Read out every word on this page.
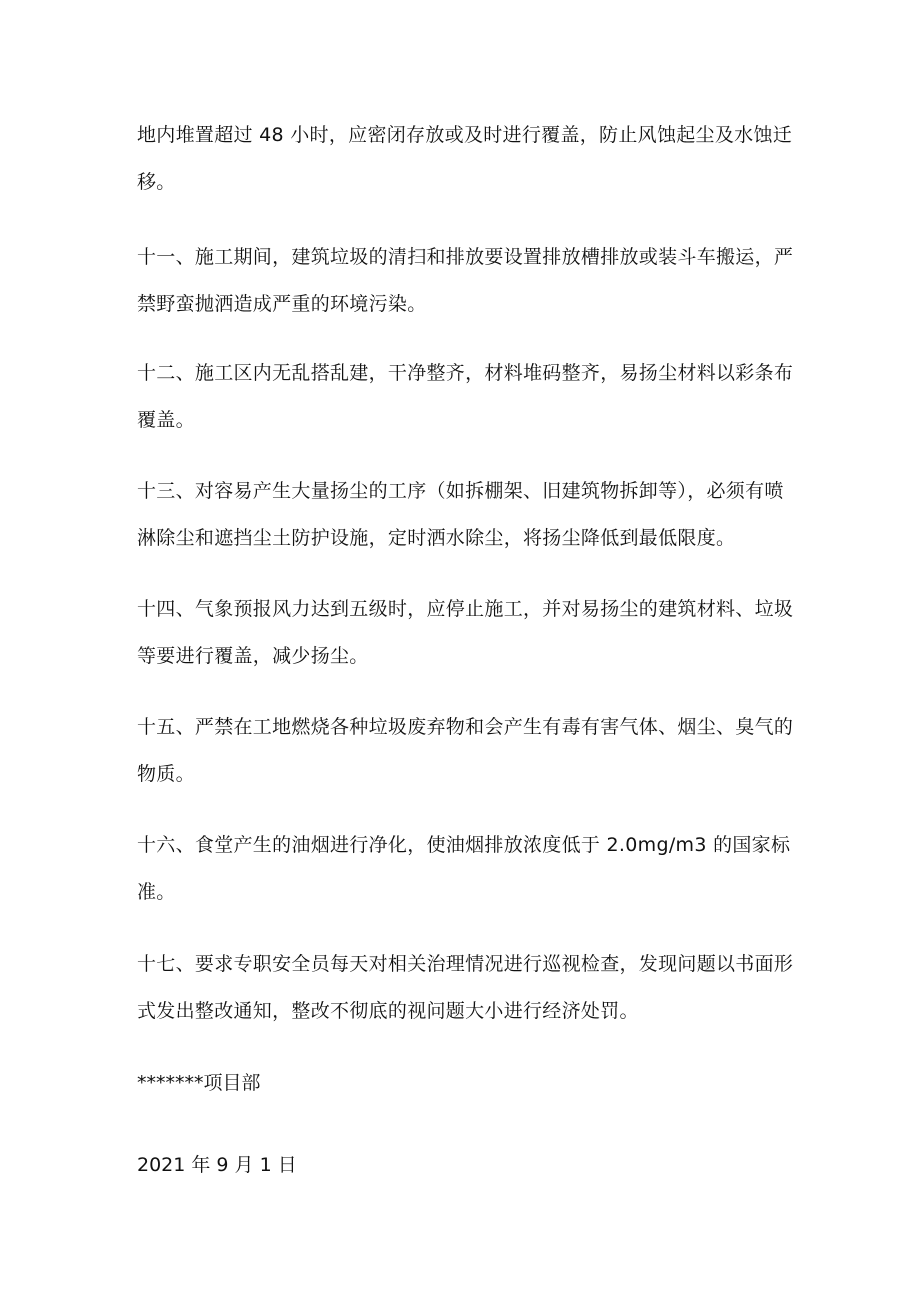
地内堆置超过 48 小时，应密闭存放或及时进行覆盖，防止风蚀起尘及水蚀迁移。

十一、施工期间，建筑垃圾的清扫和排放要设置排放槽排放或装斗车搬运，严禁野蛮抛洒造成严重的环境污染。

十二、施工区内无乱搭乱建，干净整齐，材料堆码整齐，易扬尘材料以彩条布覆盖。

十三、对容易产生大量扬尘的工序（如拆棚架、旧建筑物拆卸等），必须有喷淋除尘和遮挡尘土防护设施，定时洒水除尘，将扬尘降低到最低限度。

十四、气象预报风力达到五级时，应停止施工，并对易扬尘的建筑材料、垃圾等要进行覆盖，减少扬尘。

十五、严禁在工地燃烧各种垃圾废弃物和会产生有毒有害气体、烟尘、臭气的物质。

十六、食堂产生的油烟进行净化，使油烟排放浓度低于 2.0mg/m3 的国家标准。

十七、要求专职安全员每天对相关治理情况进行巡视检查，发现问题以书面形式发出整改通知，整改不彻底的视问题大小进行经济处罚。

*******项目部

2021 年 9 月 1 日
